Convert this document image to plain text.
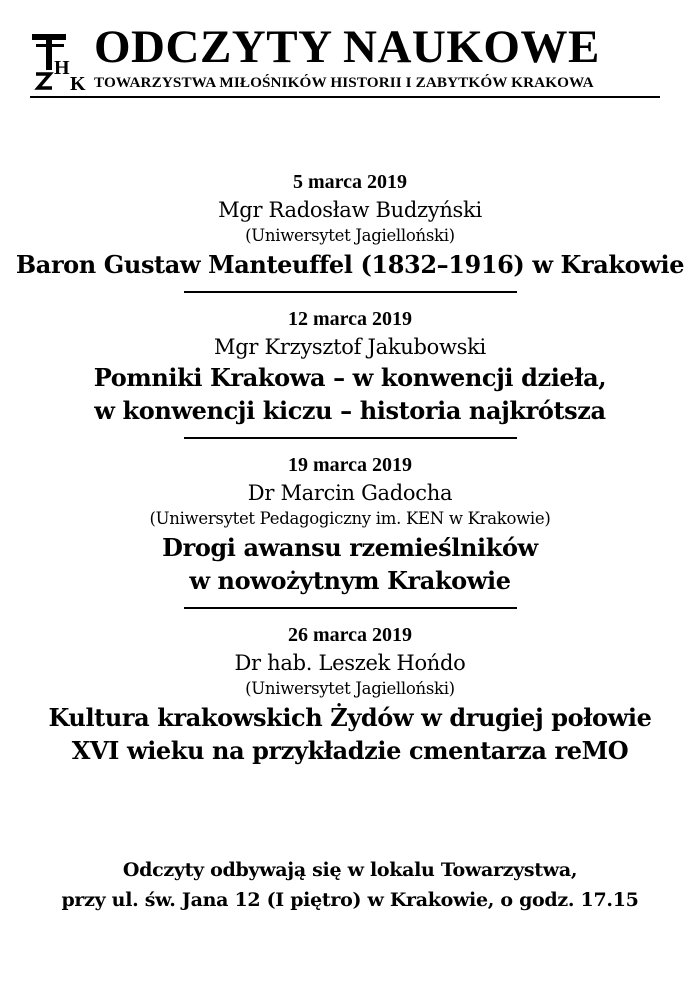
H
K
ODCZYTY NAUKOWE
TOWARZYSTWA MIŁOŚNIKÓW HISTORII I ZABYTKÓW KRAKOWA
5 marca 2019
Mgr Radosław Budzyński
(Uniwersytet Jagielloński)
Baron Gustaw Manteuffel (1832–1916) w Krakowie
12 marca 2019
Mgr Krzysztof Jakubowski
Pomniki Krakowa – w konwencji dzieła,
w konwencji kiczu – historia najkrótsza
19 marca 2019
Dr Marcin Gadocha
(Uniwersytet Pedagogiczny im. KEN w Krakowie)
Drogi awansu rzemieślników
w nowożytnym Krakowie
26 marca 2019
Dr hab. Leszek Hońdo
(Uniwersytet Jagielloński)
Kultura krakowskich Żydów w drugiej połowie
XVI wieku na przykładzie cmentarza reMO
Odczyty odbywają się w lokalu Towarzystwa,
przy ul. św. Jana 12 (I piętro) w Krakowie, o godz. 17.15
